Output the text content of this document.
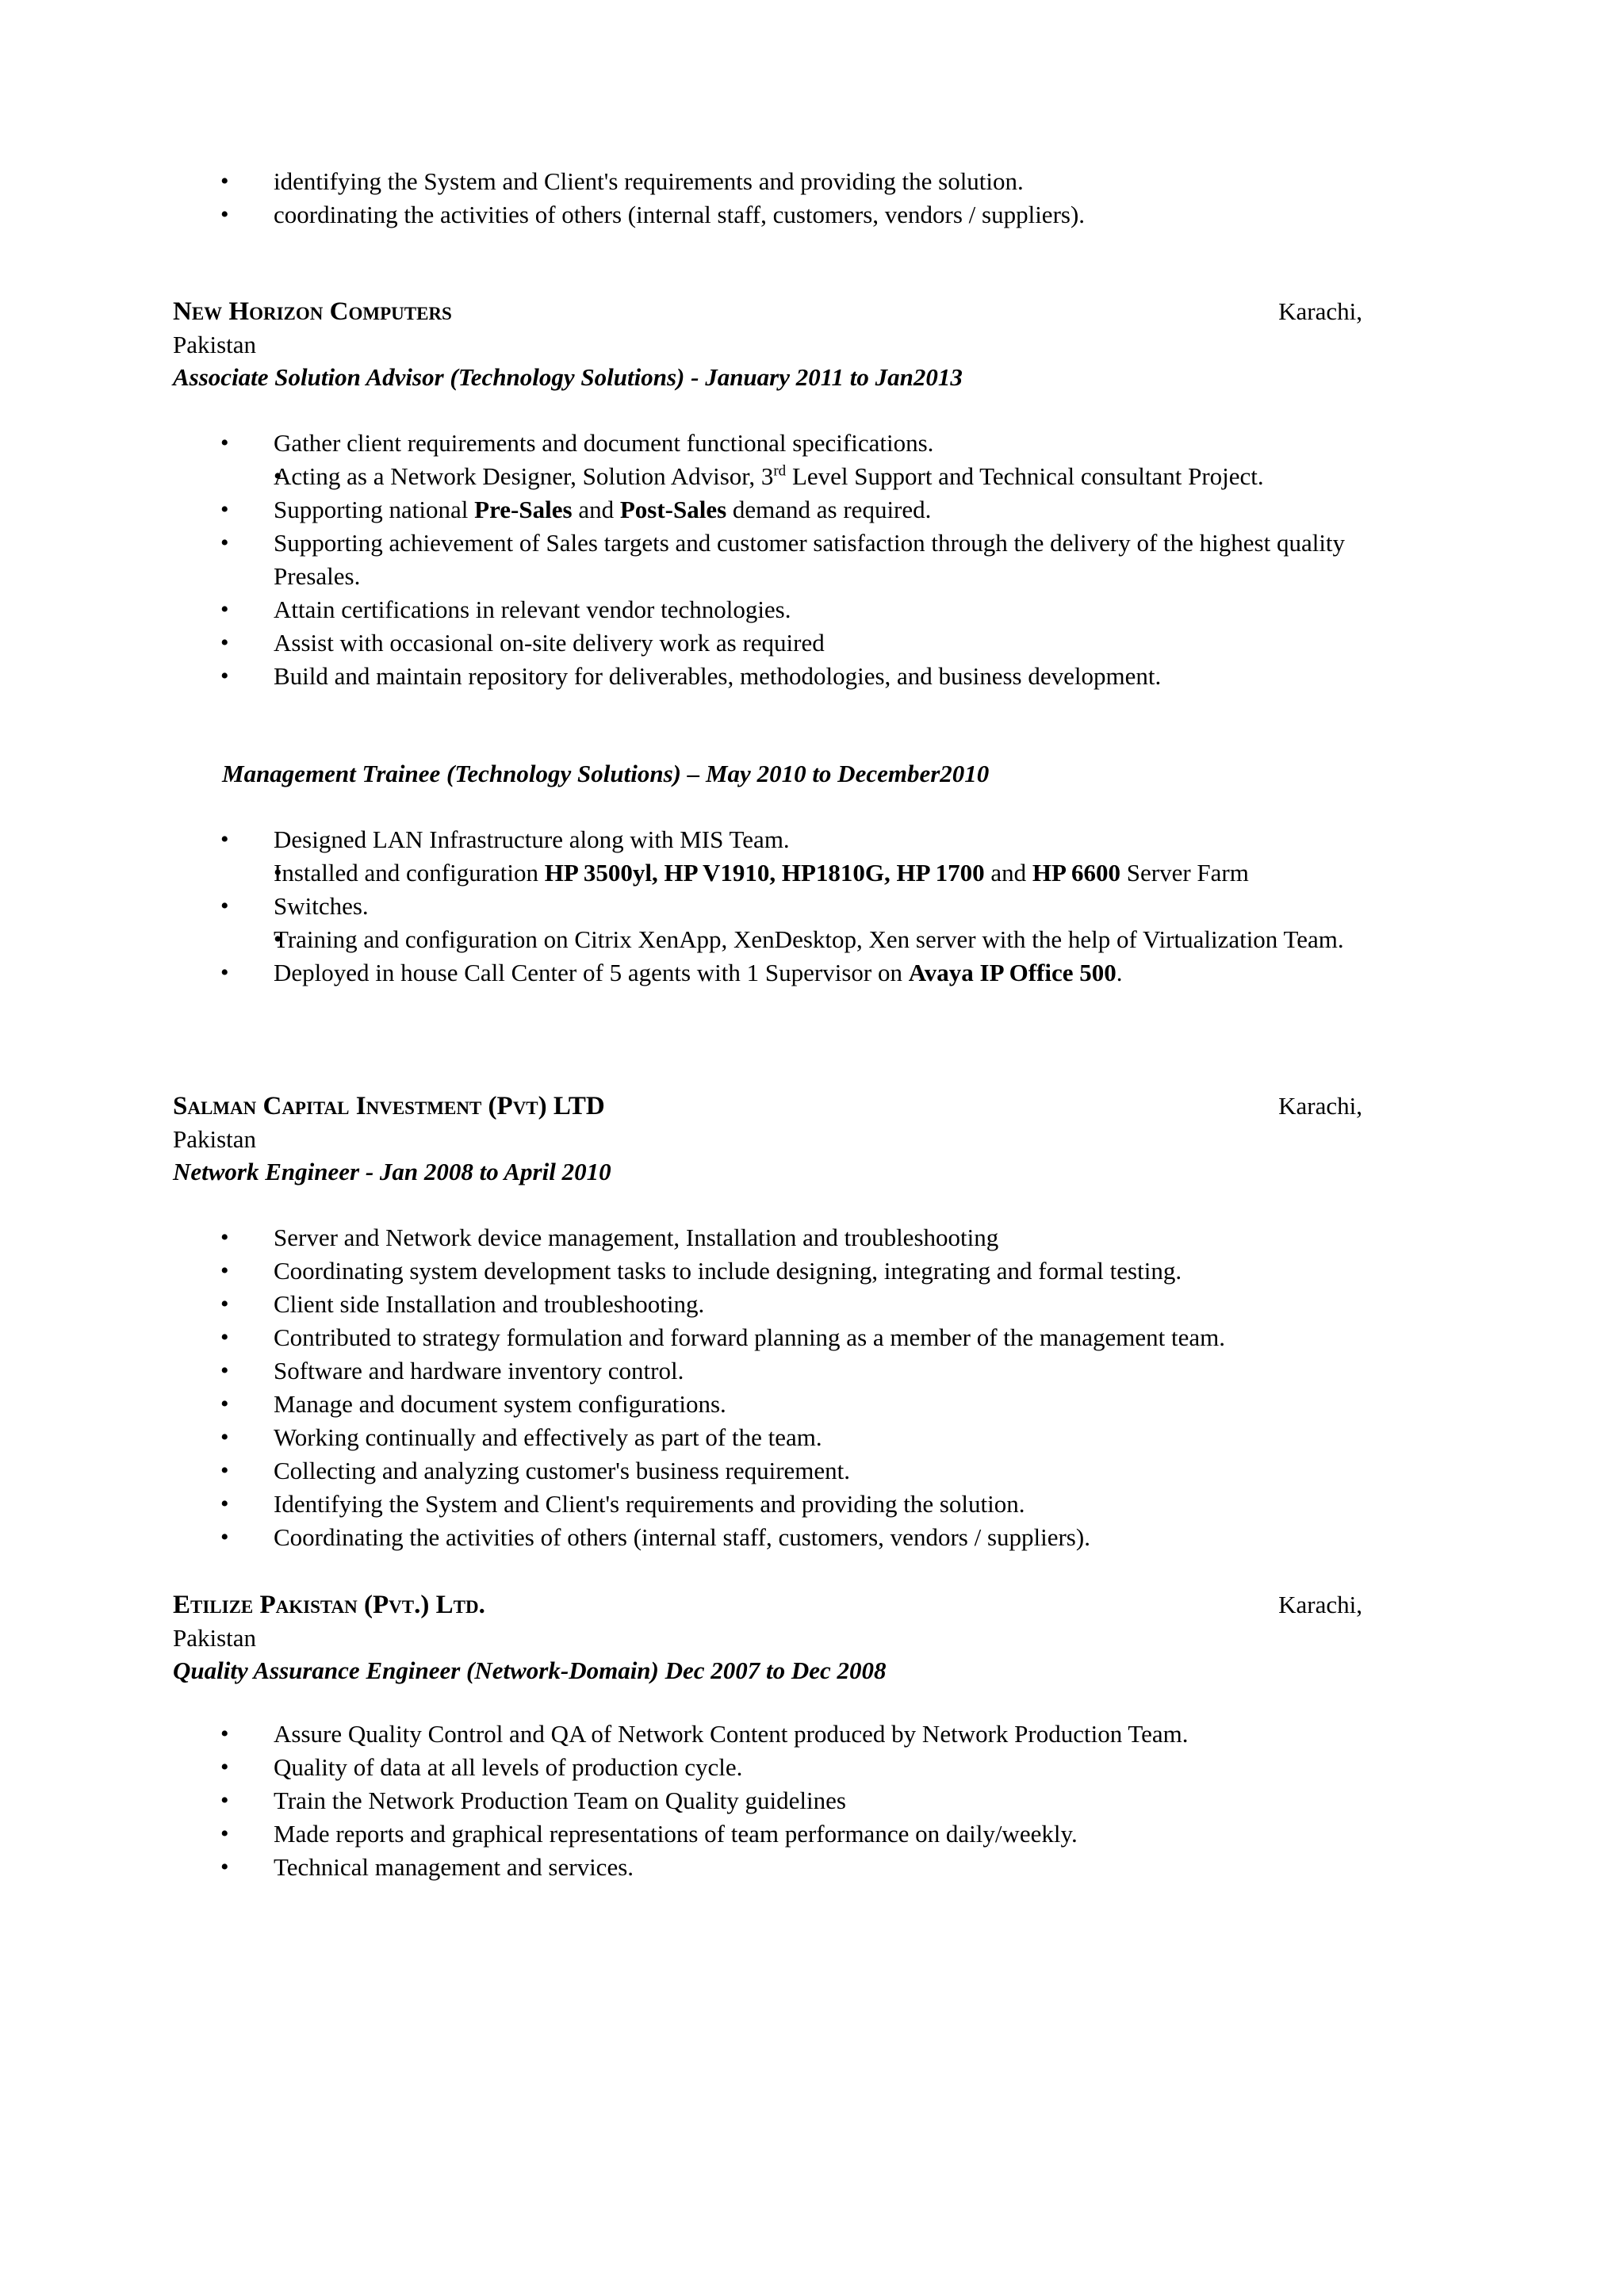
• identifying the System and Client's requirements and providing the solution.
• coordinating the activities of others (internal staff, customers, vendors / suppliers).
New Horizon Computers	Karachi,
Pakistan
Associate Solution Advisor (Technology Solutions) - January 2011 to Jan2013
• Gather client requirements and document functional specifications.
• Acting as a Network Designer, Solution Advisor, 3rd Level Support and Technical consultant Project.
• Supporting national Pre-Sales and Post-Sales demand as required.
• Supporting achievement of Sales targets and customer satisfaction through the delivery of the highest quality Presales.
• Attain certifications in relevant vendor technologies.
• Assist with occasional on-site delivery work as required
• Build and maintain repository for deliverables, methodologies, and business development.
Management Trainee (Technology Solutions) – May 2010 to December2010
• Designed LAN Infrastructure along with MIS Team.
• Installed and configuration HP 3500yl, HP V1910, HP1810G, HP 1700 and HP 6600 Server Farm
• Switches.
• Training and configuration on Citrix XenApp, XenDesktop, Xen server with the help of Virtualization Team.
• Deployed in house Call Center of 5 agents with 1 Supervisor on Avaya IP Office 500.
Salman Capital Investment (Pvt) LTD	Karachi,
Pakistan
Network Engineer - Jan 2008 to April 2010
• Server and Network device management, Installation and troubleshooting
• Coordinating system development tasks to include designing, integrating and formal testing.
• Client side Installation and troubleshooting.
• Contributed to strategy formulation and forward planning as a member of the management team.
• Software and hardware inventory control.
• Manage and document system configurations.
• Working continually and effectively as part of the team.
• Collecting and analyzing customer's business requirement.
• Identifying the System and Client's requirements and providing the solution.
• Coordinating the activities of others (internal staff, customers, vendors / suppliers).
Etilize Pakistan (Pvt.) Ltd.	Karachi,
Pakistan
Quality Assurance Engineer (Network-Domain) Dec 2007 to Dec 2008
• Assure Quality Control and QA of Network Content produced by Network Production Team.
• Quality of data at all levels of production cycle.
• Train the Network Production Team on Quality guidelines
• Made reports and graphical representations of team performance on daily/weekly.
• Technical management and services.
